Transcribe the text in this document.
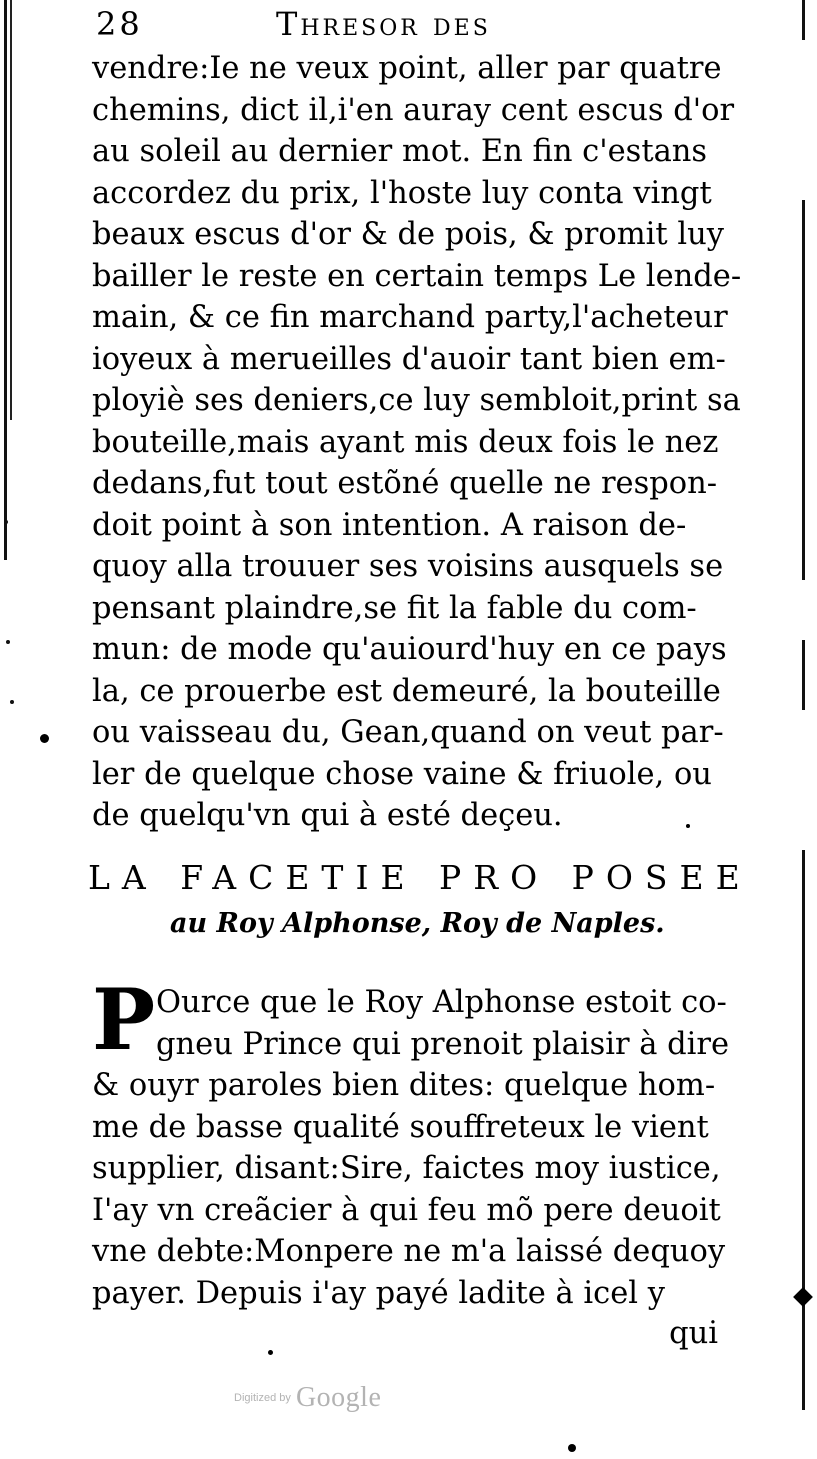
28	Thresor des
vendre:Ie ne veux point, aller par quatre
chemins, dict il,i'en auray cent escus d'or
au soleil au dernier mot. En fin c'estans
accordez du prix, l'hoste luy conta vingt
beaux escus d'or & de pois, & promit luy
bailler le reste en certain temps Le lende-
main, & ce fin marchand party,l'acheteur
ioyeux à merueilles d'auoir tant bien em-
ployiè ses deniers,ce luy sembloit,print sa
bouteille,mais ayant mis deux fois le nez
dedans,fut tout estõné quelle ne respon-
doit point à son intention. A raison de-
quoy alla trouuer ses voisins ausquels se
pensant plaindre,se fit la fable du com-
mun: de mode qu'auiourd'huy en ce pays
la, ce prouerbe est demeuré, la bouteille
ou vaisseau du, Gean,quand on veut par-
ler de quelque chose vaine & friuole, ou
de quelqu'vn qui à esté deçeu.
LA FACETIE PRO POSEE
au Roy Alphonse, Roy de Naples.
P Ource que le Roy Alphonse estoit co-
gneu Prince qui prenoit plaisir à dire
& ouyr paroles bien dites: quelque hom-
me de basse qualité souffreteux le vient
supplier, disant:Sire, faictes moy iustice,
I'ay vn creãcier à qui feu mõ pere deuoit
vne debte:Monpere ne m'a laissé dequoy
payer. Depuis i'ay payé ladite à icel y
qui
Digitized by Google
